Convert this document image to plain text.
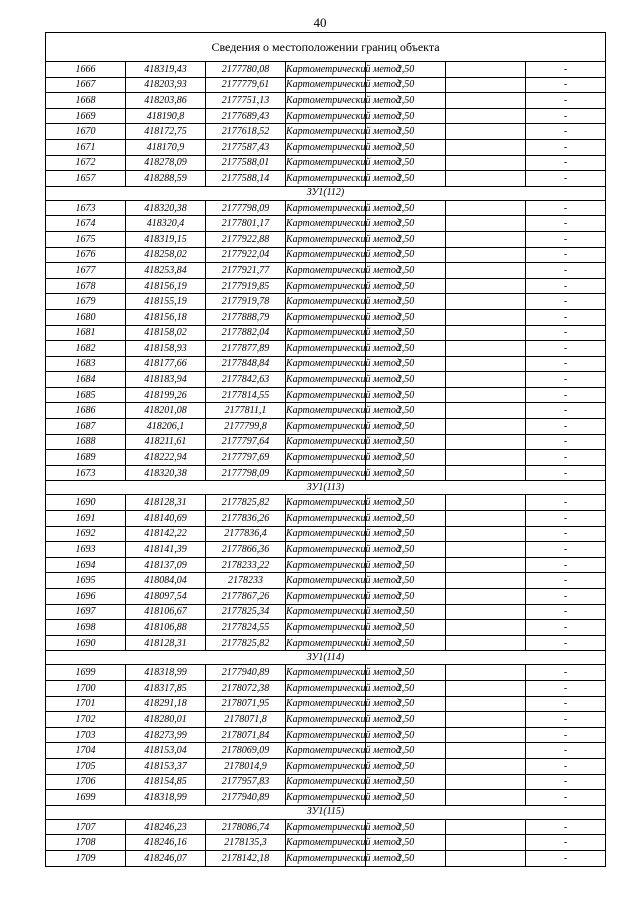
40
Сведения о местоположении границ объекта						
1666	418319,43	2177780,08	Картометрический метод	2,50		-
1667	418203,93	2177779,61	Картометрический метод	2,50		-
1668	418203,86	2177751,13	Картометрический метод	2,50		-
1669	418190,8	2177689,43	Картометрический метод	2,50		-
1670	418172,75	2177618,52	Картометрический метод	2,50		-
1671	418170,9	2177587,43	Картометрический метод	2,50		-
1672	418278,09	2177588,01	Картометрический метод	2,50		-
1657	418288,59	2177588,14	Картометрический метод	2,50		-
ЗУ1(112)						
1673	418320,38	2177798,09	Картометрический метод	2,50		-
1674	418320,4	2177801,17	Картометрический метод	2,50		-
1675	418319,15	2177922,88	Картометрический метод	2,50		-
1676	418258,02	2177922,04	Картометрический метод	2,50		-
1677	418253,84	2177921,77	Картометрический метод	2,50		-
1678	418156,19	2177919,85	Картометрический метод	2,50		-
1679	418155,19	2177919,78	Картометрический метод	2,50		-
1680	418156,18	2177888,79	Картометрический метод	2,50		-
1681	418158,02	2177882,04	Картометрический метод	2,50		-
1682	418158,93	2177877,89	Картометрический метод	2,50		-
1683	418177,66	2177848,84	Картометрический метод	2,50		-
1684	418183,94	2177842,63	Картометрический метод	2,50		-
1685	418199,26	2177814,55	Картометрический метод	2,50		-
1686	418201,08	2177811,1	Картометрический метод	2,50		-
1687	418206,1	2177799,8	Картометрический метод	2,50		-
1688	418211,61	2177797,64	Картометрический метод	2,50		-
1689	418222,94	2177797,69	Картометрический метод	2,50		-
1673	418320,38	2177798,09	Картометрический метод	2,50		-
ЗУ1(113)						
1690	418128,31	2177825,82	Картометрический метод	2,50		-
1691	418140,69	2177836,26	Картометрический метод	2,50		-
1692	418142,22	2177836,4	Картометрический метод	2,50		-
1693	418141,39	2177866,36	Картометрический метод	2,50		-
1694	418137,09	2178233,22	Картометрический метод	2,50		-
1695	418084,04	2178233	Картометрический метод	2,50		-
1696	418097,54	2177867,26	Картометрический метод	2,50		-
1697	418106,67	2177825,34	Картометрический метод	2,50		-
1698	418106,88	2177824,55	Картометрический метод	2,50		-
1690	418128,31	2177825,82	Картометрический метод	2,50		-
ЗУ1(114)						
1699	418318,99	2177940,89	Картометрический метод	2,50		-
1700	418317,85	2178072,38	Картометрический метод	2,50		-
1701	418291,18	2178071,95	Картометрический метод	2,50		-
1702	418280,01	2178071,8	Картометрический метод	2,50		-
1703	418273,99	2178071,84	Картометрический метод	2,50		-
1704	418153,04	2178069,09	Картометрический метод	2,50		-
1705	418153,37	2178014,9	Картометрический метод	2,50		-
1706	418154,85	2177957,83	Картометрический метод	2,50		-
1699	418318,99	2177940,89	Картометрический метод	2,50		-
ЗУ1(115)						
1707	418246,23	2178086,74	Картометрический метод	2,50		-
1708	418246,16	2178135,3	Картометрический метод	2,50		-
1709	418246,07	2178142,18	Картометрический метод	2,50		-
